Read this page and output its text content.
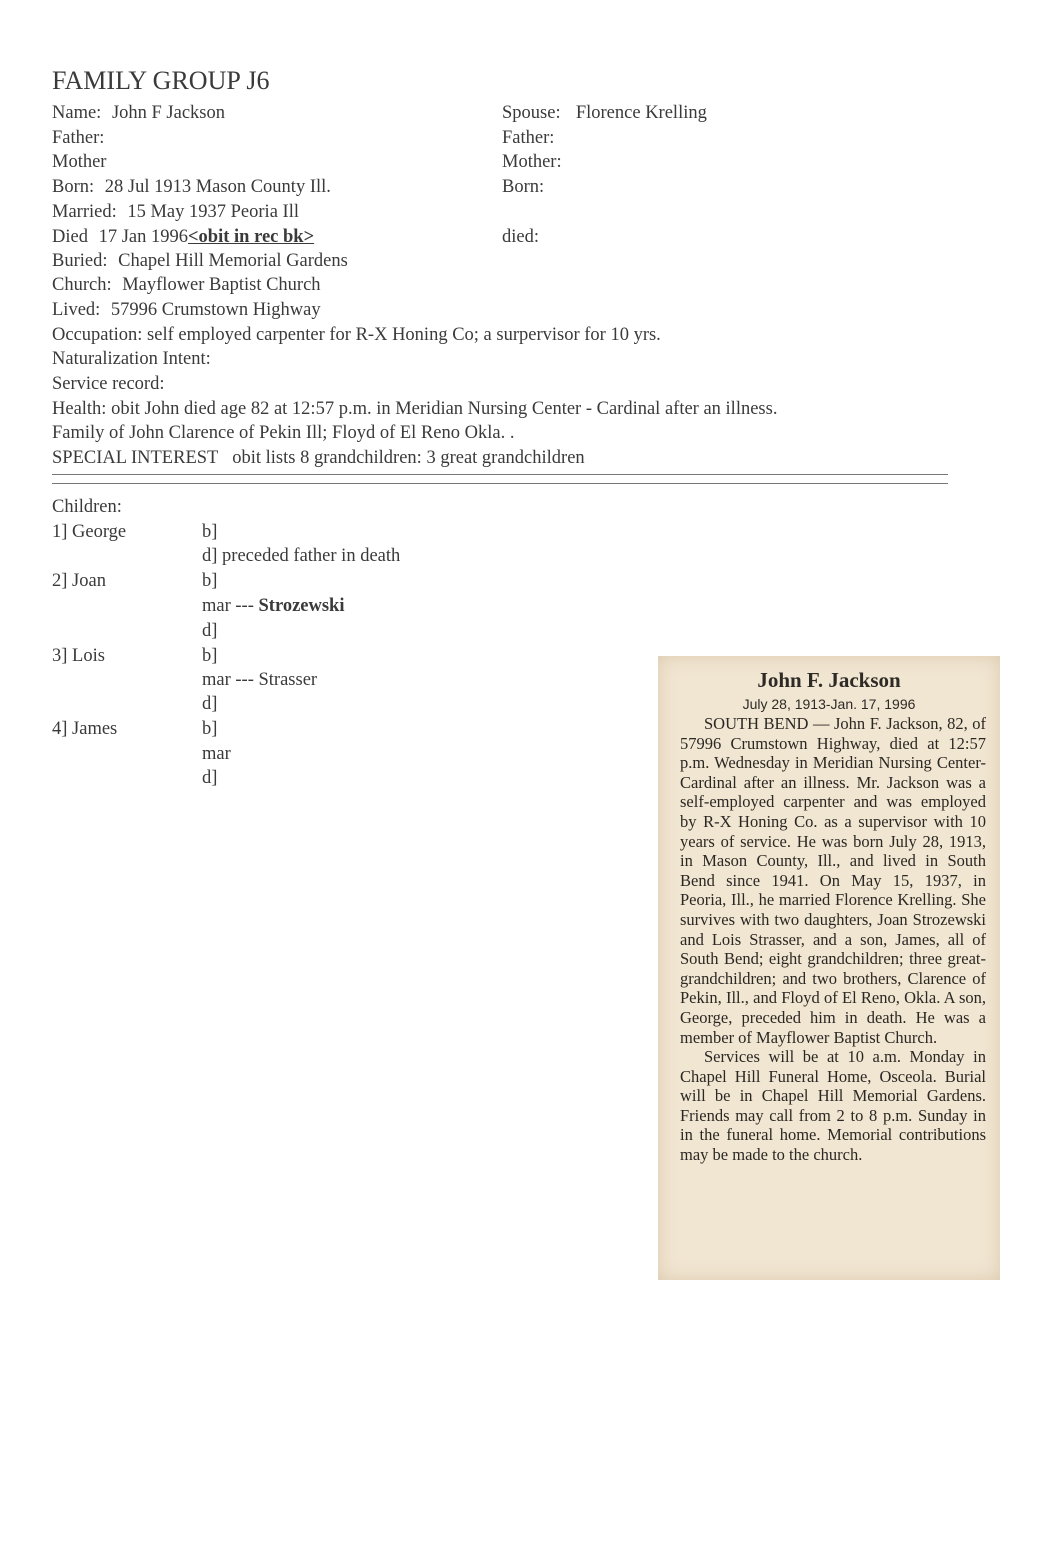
FAMILY GROUP J6
Name: John F Jackson
Father:
Mother
Born: 28 Jul 1913 Mason County Ill.
Married: 15 May 1937 Peoria Ill
Died 17 Jan 1996<obit in rec bk>
Buried: Chapel Hill Memorial Gardens
Church: Mayflower Baptist Church
Lived: 57996 Crumstown Highway
Occupation: self employed carpenter for R-X Honing Co; a surpervisor for 10 yrs.
Naturalization Intent:
Service record:
Health: obit John died age 82 at 12:57 p.m. in Meridian Nursing Center - Cardinal after an illness.
Family of John Clarence of Pekin Ill; Floyd of El Reno Okla. .
SPECIAL INTEREST obit lists 8 grandchildren: 3 great grandchildren
Spouse: Florence Krelling
Father:
Mother:
Born:
died:
Children:
1] George	b]
d] preceded father in death
2] Joan	b]
mar --- Strozewski
d]
3] Lois	b]
mar --- Strasser
d]
4] James	b]
mar
d]
John F. Jackson
July 28, 1913-Jan. 17, 1996

SOUTH BEND — John F. Jackson, 82, of 57996 Crumstown Highway, died at 12:57 p.m. Wednesday in Meridian Nursing Center-Cardinal after an illness. Mr. Jackson was a self-employed carpenter and was employed by R-X Honing Co. as a supervisor with 10 years of service. He was born July 28, 1913, in Mason County, Ill., and lived in South Bend since 1941. On May 15, 1937, in Peoria, Ill., he married Florence Krelling. She survives with two daughters, Joan Strozewski and Lois Strasser, and a son, James, all of South Bend; eight grandchildren; three great-grandchildren; and two brothers, Clarence of Pekin, Ill., and Floyd of El Reno, Okla. A son, George, preceded him in death. He was a member of Mayflower Baptist Church.

Services will be at 10 a.m. Monday in Chapel Hill Funeral Home, Osceola. Burial will be in Chapel Hill Memorial Gardens. Friends may call from 2 to 8 p.m. Sunday in in the funeral home. Memorial contributions may be made to the church.
